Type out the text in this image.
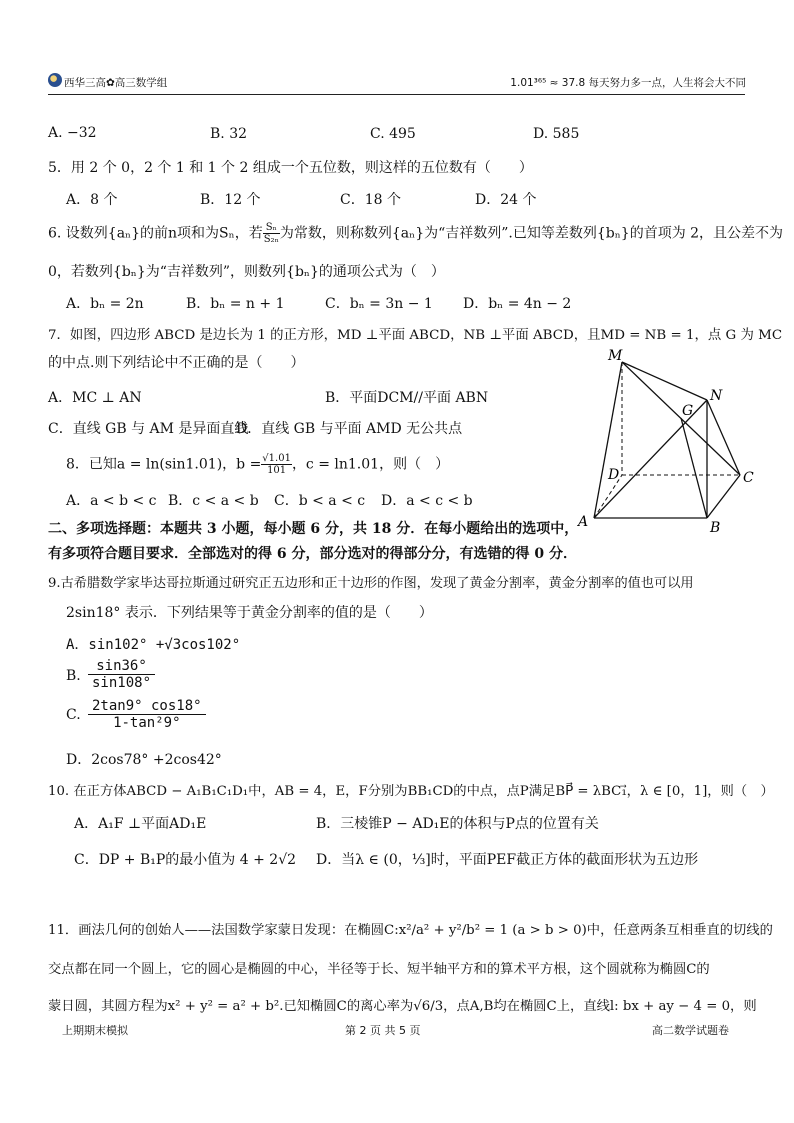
西华三高✿高三数学组	1.01³⁶⁵ ≈ 37.8 每天努力多一点，人生将会大不同
A. −32	B. 32	C. 495	D. 585
5．用 2 个 0，2 个 1 和 1 个 2 组成一个五位数，则这样的五位数有（　　）
A．8 个	B．12 个	C．18 个	D．24 个
6. 设数列{aₙ}的前n项和为Sₙ，若 $\frac{\text{Sₙ}}{\text{S₂ₙ}}$ 为常数，则称数列{aₙ}为“吉祥数列”.已知等差数列{bₙ}的首项为 2，且公差不为
0，若数列{bₙ}为“吉祥数列”，则数列{bₙ}的通项公式为（　）
A．bₙ = 2n	B．bₙ = n + 1	C．bₙ = 3n − 1 D．bₙ = 4n − 2
7．如图，四边形 ABCD 是边长为 1 的正方形，MD ⊥平面 ABCD，NB ⊥平面 ABCD，且MD = NB = 1，点 G 为 MC
的中点.则下列结论中不正确的是（　　）
A．MC ⊥ AN	B．平面DCM//平面 ABN
C．直线 GB 与 AM 是异面直线
D．直线 GB 与平面 AMD 无公共点
8．已知a = ln(sin1.01)，$b = \frac{√1.01}{101}$ ，c = ln1.01，则（　）
A．a < b < c B．c < a < b C．b < a < c D．a < c < b
二、多项选择题：本题共 3 小题，每小题 6 分，共 18 分．在每小题给出的选项中，
有多项符合题目要求．全部选对的得 6 分，部分选对的得部分分，有选错的得 0 分．
M
N
G
D	C
A	B
9.古希腊数学家毕达哥拉斯通过研究正五边形和正十边形的作图，发现了黄金分割率，黄金分割率的值也可以用
2sin18° 表示．下列结果等于黄金分割率的值的是（　　）
A．sin102° +√3cos102°
B. $\frac{\sin 36^\circ}{\sin 108^\circ}$
C. $\frac{2\tan 9^\circ \cos 18^\circ}{\text{1-tan²9°}}$
D．2cos78° +2cos42°
10. 在正方体ABCD − A₁B₁C₁D₁中，AB = 4，E，F分别为BB₁CD的中点，点P满足BP⃗ = λBC₁⃗，λ ∈ [0，1]，则（　）
A．A₁F ⊥平面AD₁E	B．三棱锥P − AD₁E的体积与P点的位置有关
C．DP + B₁P的最小值为 4 + 2√2 D．当λ ∈ (0，⅓]时，平面PEF截正方体的截面形状为五边形
11．画法几何的创始人——法国数学家蒙日发现：在椭圆C:x²/a² + y²/b² = 1 (a > b > 0)中，任意两条互相垂直的切线的
交点都在同一个圆上，它的圆心是椭圆的中心，半径等于长、短半轴平方和的算术平方根，这个圆就称为椭圆C的
蒙日圆，其圆方程为x² + y² = a² + b².已知椭圆C的离心率为√6/3，点A,B均在椭圆C上，直线l: bx + ay − 4 = 0，则
上期期末模拟	第 2 页 共 5 页	高二数学试题卷
